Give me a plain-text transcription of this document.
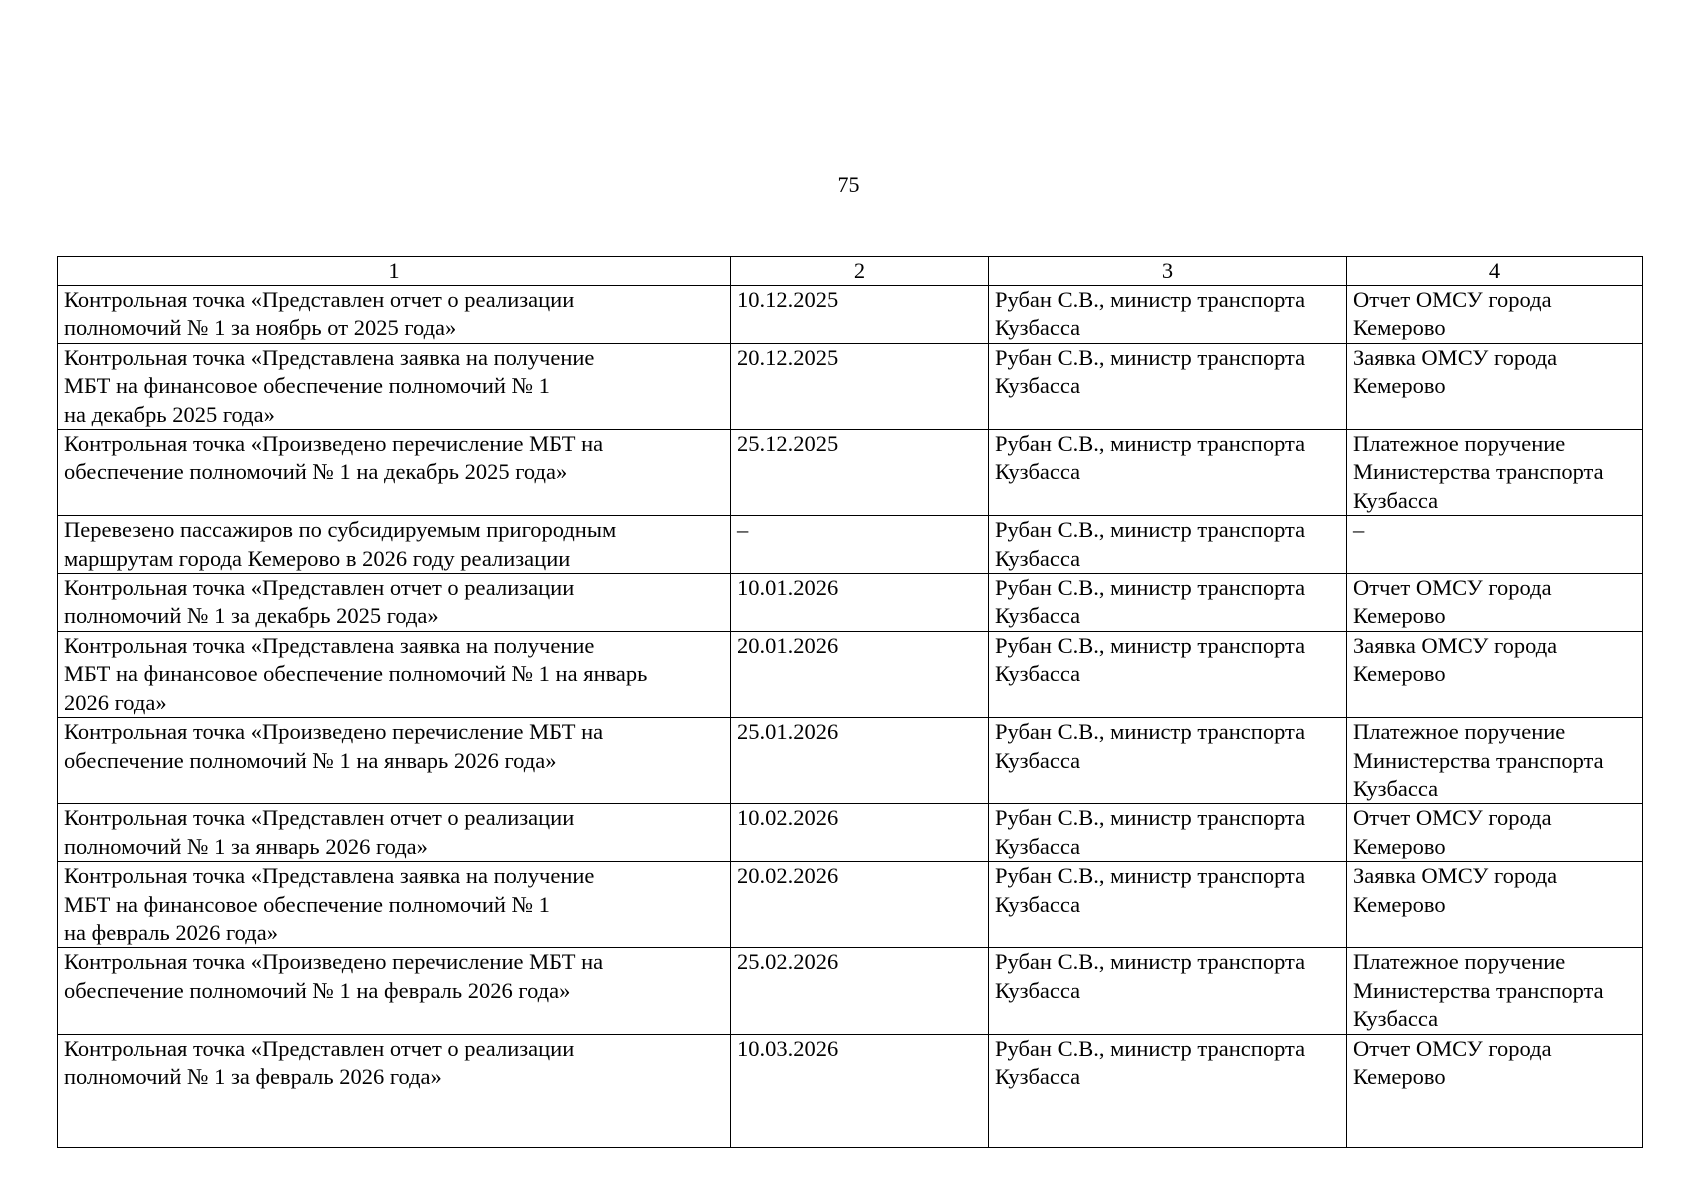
75
1	2	3	4
Контрольная точка «Представлен отчет о реализации
полномочий № 1 за ноябрь от 2025 года»	10.12.2025	Рубан С.В., министр транспорта Кузбасса	Отчет ОМСУ города Кемерово
Контрольная точка «Представлена заявка на получение
МБТ на финансовое обеспечение полномочий № 1
на декабрь 2025 года»	20.12.2025	Рубан С.В., министр транспорта Кузбасса	Заявка ОМСУ города Кемерово
Контрольная точка «Произведено перечисление МБТ на
обеспечение полномочий № 1 на декабрь 2025 года»	25.12.2025	Рубан С.В., министр транспорта Кузбасса	Платежное поручение Министерства транспорта Кузбасса
Перевезено пассажиров по субсидируемым пригородным
маршрутам города Кемерово в 2026 году реализации	–	Рубан С.В., министр транспорта Кузбасса	–
Контрольная точка «Представлен отчет о реализации
полномочий № 1 за декабрь 2025 года»	10.01.2026	Рубан С.В., министр транспорта Кузбасса	Отчет ОМСУ города Кемерово
Контрольная точка «Представлена заявка на получение
МБТ на финансовое обеспечение полномочий № 1 на январь
2026 года»	20.01.2026	Рубан С.В., министр транспорта Кузбасса	Заявка ОМСУ города Кемерово
Контрольная точка «Произведено перечисление МБТ на
обеспечение полномочий № 1 на январь 2026 года»	25.01.2026	Рубан С.В., министр транспорта Кузбасса	Платежное поручение Министерства транспорта Кузбасса
Контрольная точка «Представлен отчет о реализации
полномочий № 1 за январь 2026 года»	10.02.2026	Рубан С.В., министр транспорта Кузбасса	Отчет ОМСУ города Кемерово
Контрольная точка «Представлена заявка на получение
МБТ на финансовое обеспечение полномочий № 1
на февраль 2026 года»	20.02.2026	Рубан С.В., министр транспорта Кузбасса	Заявка ОМСУ города Кемерово
Контрольная точка «Произведено перечисление МБТ на
обеспечение полномочий № 1 на февраль 2026 года»	25.02.2026	Рубан С.В., министр транспорта Кузбасса	Платежное поручение Министерства транспорта Кузбасса
Контрольная точка «Представлен отчет о реализации
полномочий № 1 за февраль 2026 года»	10.03.2026	Рубан С.В., министр транспорта Кузбасса	Отчет ОМСУ города Кемерово
